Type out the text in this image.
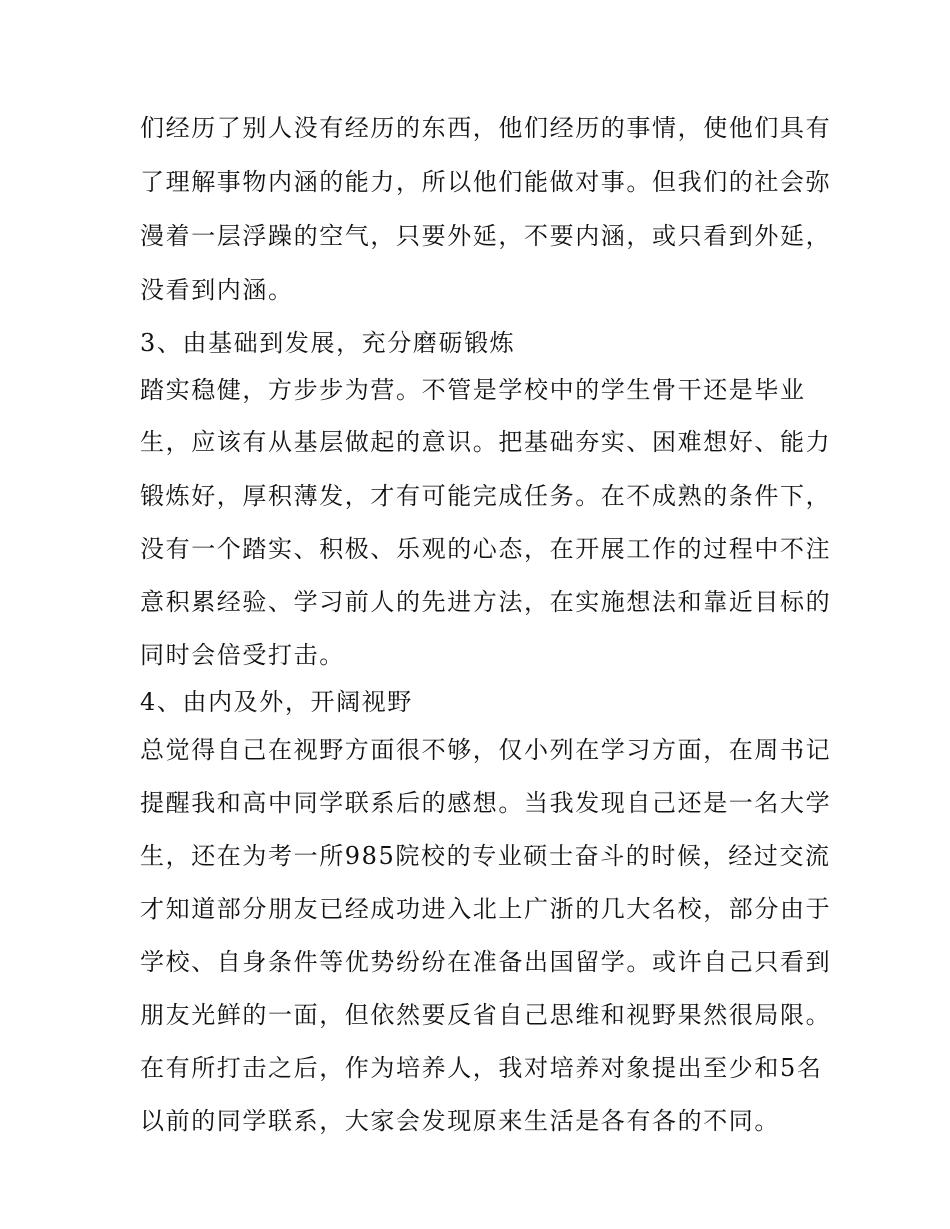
们经历了别人没有经历的东西，他们经历的事情，使他们具有
了理解事物内涵的能力，所以他们能做对事。但我们的社会弥
漫着一层浮躁的空气，只要外延，不要内涵，或只看到外延，
没看到内涵。
3、由基础到发展，充分磨砺锻炼
踏实稳健，方步步为营。不管是学校中的学生骨干还是毕业
生，应该有从基层做起的意识。把基础夯实、困难想好、能力
锻炼好，厚积薄发，才有可能完成任务。在不成熟的条件下，
没有一个踏实、积极、乐观的心态，在开展工作的过程中不注
意积累经验、学习前人的先进方法，在实施想法和靠近目标的
同时会倍受打击。
4、由内及外，开阔视野
总觉得自己在视野方面很不够，仅小列在学习方面，在周书记
提醒我和高中同学联系后的感想。当我发现自己还是一名大学
生，还在为考一所985院校的专业硕士奋斗的时候，经过交流
才知道部分朋友已经成功进入北上广浙的几大名校，部分由于
学校、自身条件等优势纷纷在准备出国留学。或许自己只看到
朋友光鲜的一面，但依然要反省自己思维和视野果然很局限。
在有所打击之后，作为培养人，我对培养对象提出至少和5名
以前的同学联系，大家会发现原来生活是各有各的不同。
